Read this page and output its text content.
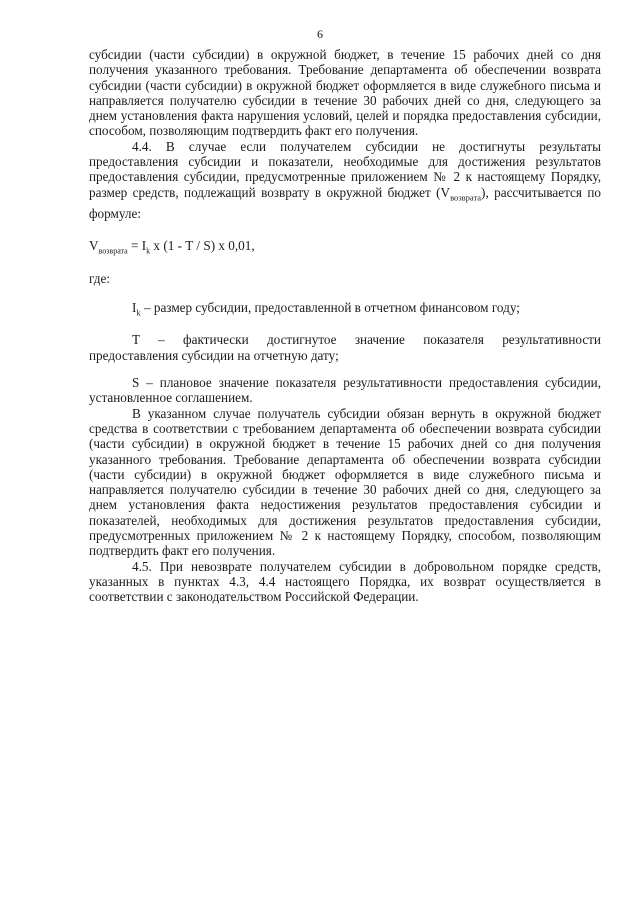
6

субсидии (части субсидии) в окружной бюджет, в течение 15 рабочих дней со дня получения указанного требования. Требование департамента об обеспечении возврата субсидии (части субсидии) в окружной бюджет оформляется в виде служебного письма и направляется получателю субсидии в течение 30 рабочих дней со дня, следующего за днем установления факта нарушения условий, целей и порядка предоставления субсидии, способом, позволяющим подтвердить факт его получения.

4.4. В случае если получателем субсидии не достигнуты результаты предоставления субсидии и показатели, необходимые для достижения результатов предоставления субсидии, предусмотренные приложением № 2 к настоящему Порядку, размер средств, подлежащий возврату в окружной бюджет $(V_{возврата})$, рассчитывается по формуле:

$V_{возврата} = I_k$ х (1 - T / S) х 0,01,

где:

$I_k$ – размер субсидии, предоставленной в отчетном финансовом году;

T – фактически достигнутое значение показателя результативности предоставления субсидии на отчетную дату;

S – плановое значение показателя результативности предоставления субсидии, установленное соглашением.

В указанном случае получатель субсидии обязан вернуть в окружной бюджет средства в соответствии с требованием департамента об обеспечении возврата субсидии (части субсидии) в окружной бюджет в течение 15 рабочих дней со дня получения указанного требования. Требование департамента об обеспечении возврата субсидии (части субсидии) в окружной бюджет оформляется в виде служебного письма и направляется получателю субсидии в течение 30 рабочих дней со дня, следующего за днем установления факта недостижения результатов предоставления субсидии и показателей, необходимых для достижения результатов предоставления субсидии, предусмотренных приложением № 2 к настоящему Порядку, способом, позволяющим подтвердить факт его получения.

4.5. При невозврате получателем субсидии в добровольном порядке средств, указанных в пунктах 4.3, 4.4 настоящего Порядка, их возврат осуществляется в соответствии с законодательством Российской Федерации.
